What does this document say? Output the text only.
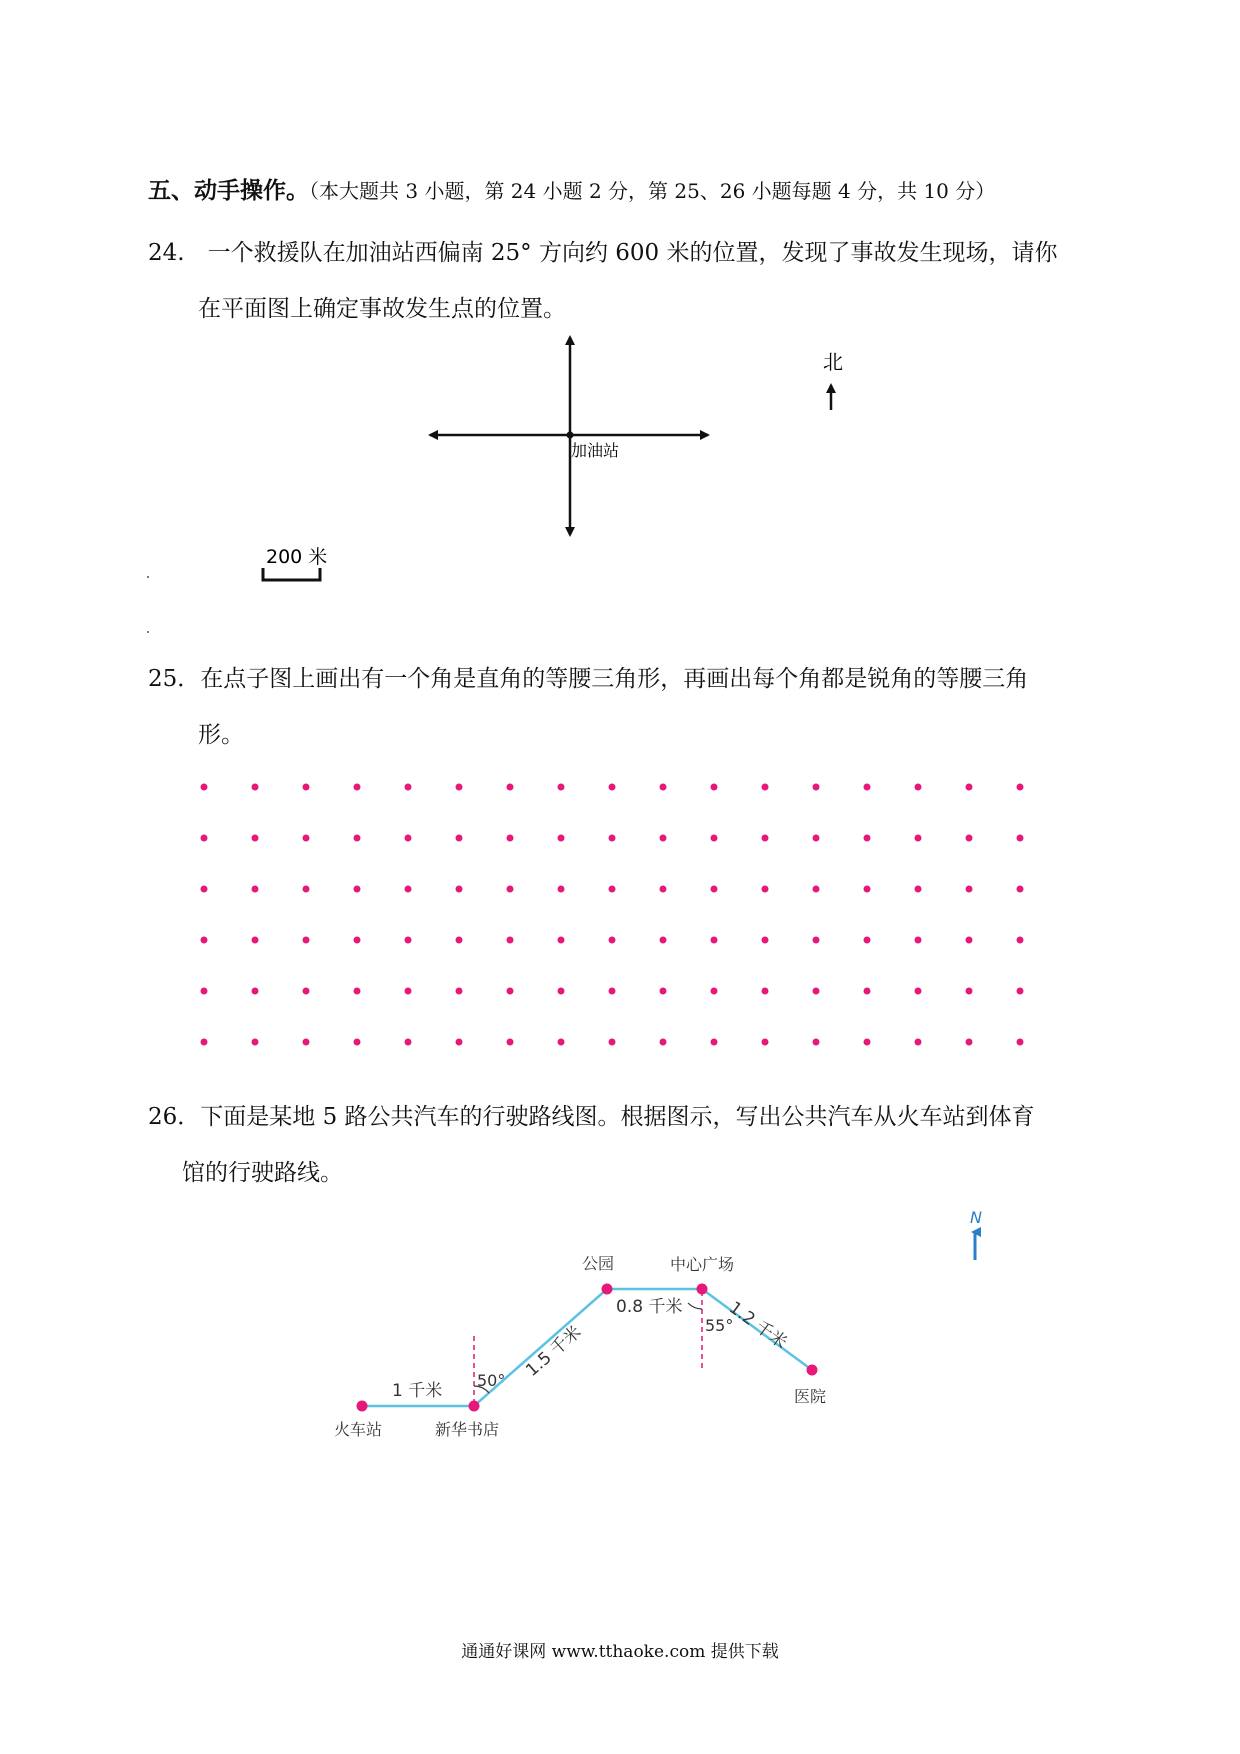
五、动手操作。（本大题共 3 小题，第 24 小题 2 分，第 25、26 小题每题 4 分，共 10 分）
24.　一个救援队在加油站西偏南 25° 方向约 600 米的位置，发现了事故发生现场，请你
在平面图上确定事故发生点的位置。
加油站
北
200 米
25．在点子图上画出有一个角是直角的等腰三角形，再画出每个角都是锐角的等腰三角
形。
26．下面是某地 5 路公共汽车的行驶路线图。根据图示，写出公共汽车从火车站到体育
馆的行驶路线。
火车站	新华书店
公园	中心广场
医院
1 千米
1.5 千米
0.8 千米	1.2 千米
50°
55°
N
通通好课网 www.tthaoke.com 提供下载
